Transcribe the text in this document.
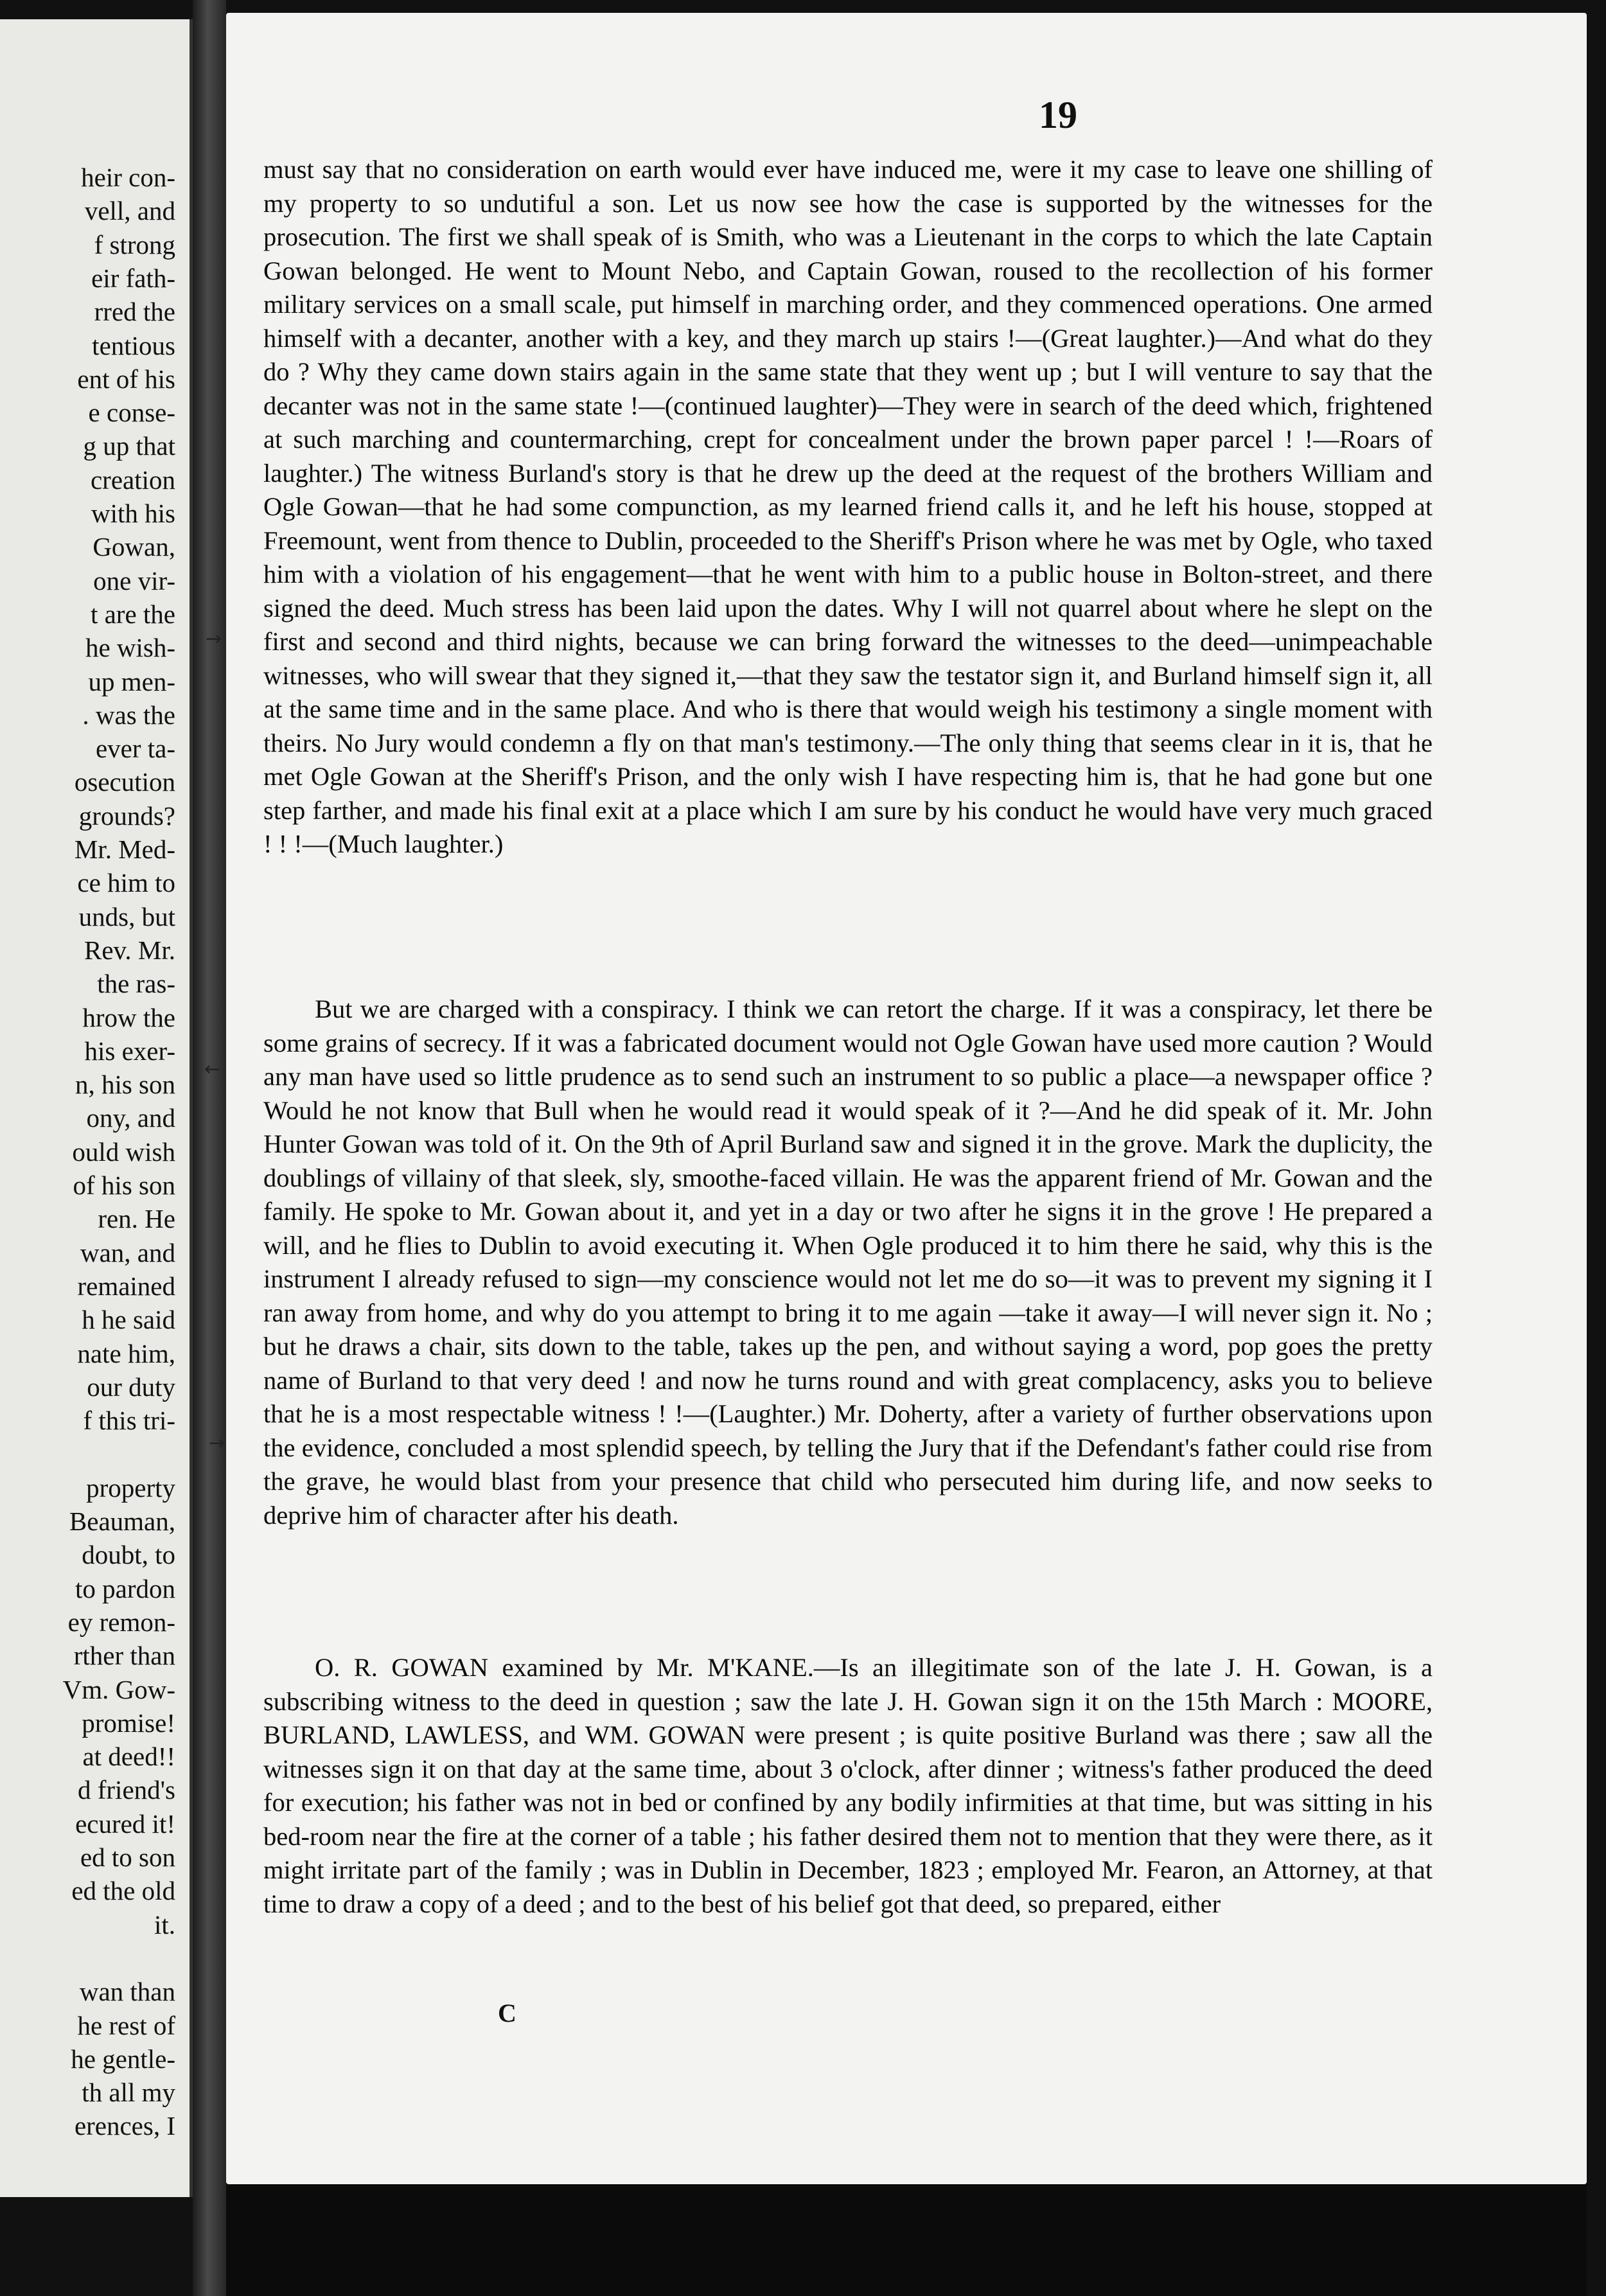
heir con-
vell, and
f strong
eir fath-
rred the
tentious
ent of his
e conse-
g up that
creation
with his
Gowan,
one vir-
t are the
he wish-
up men-
. was the
ever ta-
osecution
grounds?
Mr. Med-
ce him to
unds, but
Rev. Mr.
the ras-
hrow the
his exer-
n, his son
ony, and
ould wish
of his son
ren. He
wan, and
remained
h he said
nate him,
our duty
f this tri-
property
Beauman,
doubt, to
to pardon
ey remon-
rther than
Vm. Gow-
promise!
at deed!!
d friend's
ecured it!
ed to son
ed the old
it.
wan than
he rest of
he gentle-
th all my
erences, I
19

must say that no consideration on earth would ever have induced me, were it my case to leave one shilling of my property to so undutiful a son. Let us now see how the case is supported by the witnesses for the prosecution. The first we shall speak of is Smith, who was a Lieutenant in the corps to which the late Captain Gowan belonged. He went to Mount Nebo, and Captain Gowan, roused to the recollection of his former military services on a small scale, put himself in marching order, and they commenced operations. One armed himself with a decanter, another with a key, and they march up stairs !—(Great laughter.)—And what do they do ? Why they came down stairs again in the same state that they went up ; but I will venture to say that the decanter was not in the same state !—(continued laughter)—They were in search of the deed which, frightened at such marching and countermarching, crept for concealment under the brown paper parcel ! !—Roars of laughter.) The witness Burland's story is that he drew up the deed at the request of the brothers William and Ogle Gowan—that he had some compunction, as my learned friend calls it, and he left his house, stopped at Freemount, went from thence to Dublin, proceeded to the Sheriff's Prison where he was met by Ogle, who taxed him with a violation of his engagement—that he went with him to a public house in Bolton-street, and there signed the deed. Much stress has been laid upon the dates. Why I will not quarrel about where he slept on the first and second and third nights, because we can bring forward the witnesses to the deed—unimpeachable witnesses, who will swear that they signed it,—that they saw the testator sign it, and Burland himself sign it, all at the same time and in the same place. And who is there that would weigh his testimony a single moment with theirs. No Jury would condemn a fly on that man's testimony.—The only thing that seems clear in it is, that he met Ogle Gowan at the Sheriff's Prison, and the only wish I have respecting him is, that he had gone but one step farther, and made his final exit at a place which I am sure by his conduct he would have very much graced ! ! !—(Much laughter.)

But we are charged with a conspiracy. I think we can retort the charge. If it was a conspiracy, let there be some grains of secrecy. If it was a fabricated document would not Ogle Gowan have used more caution ? Would any man have used so little prudence as to send such an instrument to so public a place—a newspaper office ? Would he not know that Bull when he would read it would speak of it ?—And he did speak of it. Mr. John Hunter Gowan was told of it. On the 9th of April Burland saw and signed it in the grove. Mark the duplicity, the doublings of villainy of that sleek, sly, smoothe-faced villain. He was the apparent friend of Mr. Gowan and the family. He spoke to Mr. Gowan about it, and yet in a day or two after he signs it in the grove ! He prepared a will, and he flies to Dublin to avoid executing it. When Ogle produced it to him there he said, why this is the instrument I already refused to sign—my conscience would not let me do so—it was to prevent my signing it I ran away from home, and why do you attempt to bring it to me again —take it away—I will never sign it. No ; but he draws a chair, sits down to the table, takes up the pen, and without saying a word, pop goes the pretty name of Burland to that very deed ! and now he turns round and with great complacency, asks you to believe that he is a most respectable witness ! !—(Laughter.) Mr. Doherty, after a variety of further observations upon the evidence, concluded a most splendid speech, by telling the Jury that if the Defendant's father could rise from the grave, he would blast from your presence that child who persecuted him during life, and now seeks to deprive him of character after his death.

O. R. GOWAN examined by Mr. M'KANE.—Is an illegitimate son of the late J. H. Gowan, is a subscribing witness to the deed in question ; saw the late J. H. Gowan sign it on the 15th March : MOORE, BURLAND, LAWLESS, and WM. GOWAN were present ; is quite positive Burland was there ; saw all the witnesses sign it on that day at the same time, about 3 o'clock, after dinner ; witness's father produced the deed for execution; his father was not in bed or confined by any bodily infirmities at that time, but was sitting in his bed-room near the fire at the corner of a table ; his father desired them not to mention that they were there, as it might irritate part of the family ; was in Dublin in December, 1823 ; employed Mr. Fearon, an Attorney, at that time to draw a copy of a deed ; and to the best of his belief got that deed, so prepared, either

C
→
←
→
